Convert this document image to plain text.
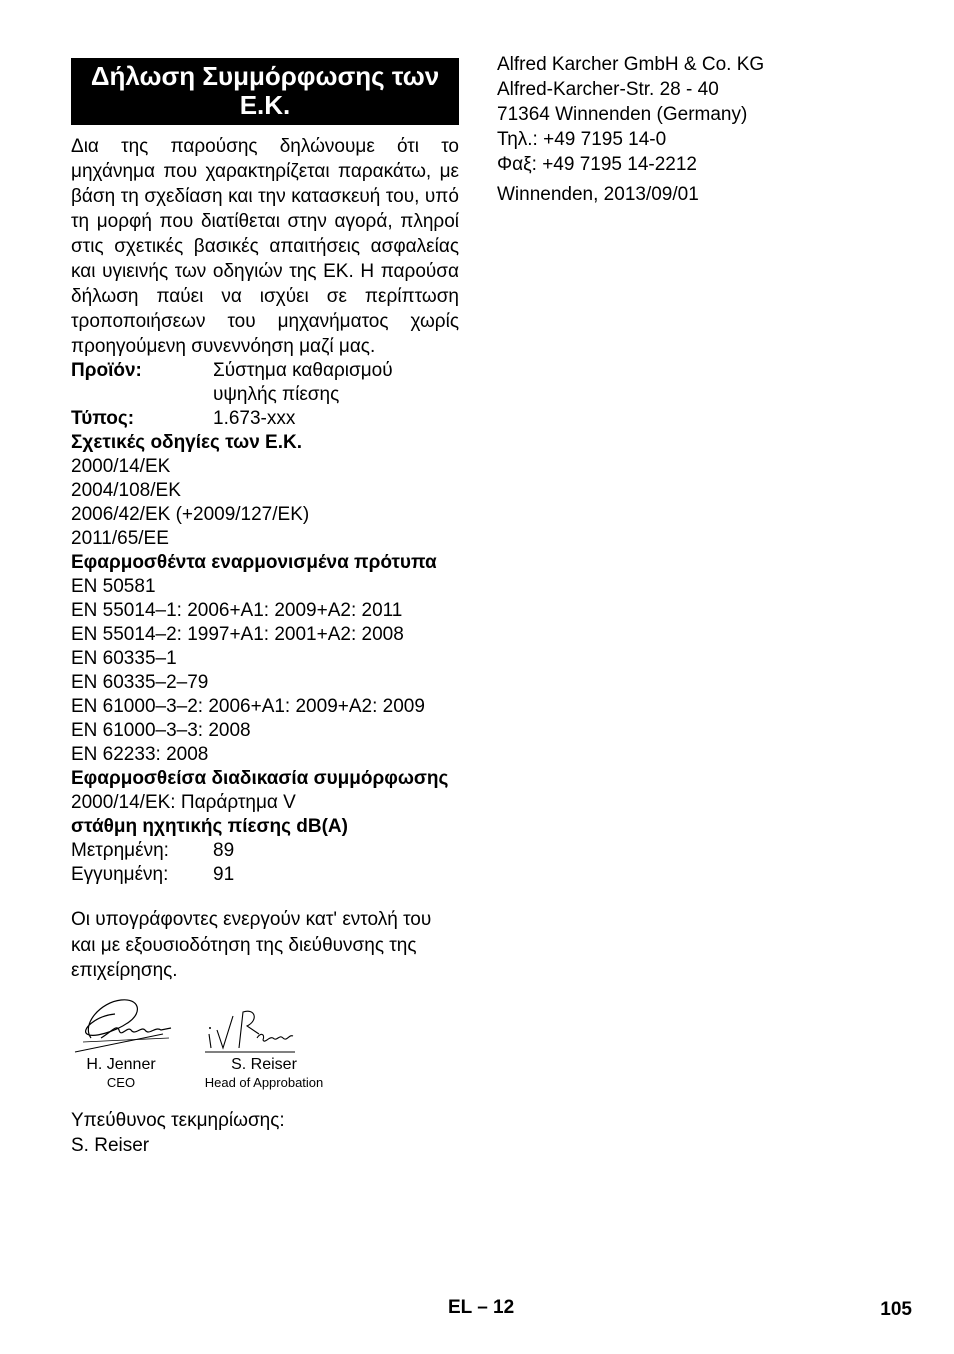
Δήλωση Συμμόρφωσης των Ε.Κ.
Δια της παρούσης δηλώνουμε ότι το μηχάνημα που χαρακτηρίζεται παρακάτω, με βάση τη σχεδίαση και την κατασκευή του, υπό τη μορφή που διατίθεται στην αγορά, πληροί στις σχετικές βασικές απαιτήσεις ασφαλείας και υγιεινής των οδηγιών της ΕΚ. Η παρούσα δήλωση παύει να ισχύει σε περίπτωση τροποποιήσεων του μηχανήματος χωρίς προηγούμενη συνεννόηση μαζί μας.
Προϊόν:	Σύστημα καθαρισμού υψηλής πίεσης
Τύπος:	1.673-xxx
Σχετικές οδηγίες των Ε.Κ.
2000/14/EK
2004/108/EK
2006/42/EK (+2009/127/EK)
2011/65/EE
Εφαρμοσθέντα εναρμονισμένα πρότυπα
EN 50581
EN 55014–1: 2006+A1: 2009+A2: 2011
EN 55014–2: 1997+A1: 2001+A2: 2008
EN 60335–1
EN 60335–2–79
EN 61000–3–2: 2006+A1: 2009+A2: 2009
EN 61000–3–3: 2008
EN 62233: 2008
Εφαρμοσθείσα διαδικασία συμμόρφωσης
2000/14/EK: Παράρτημα V
στάθμη ηχητικής πίεσης dB(A)
Μετρημένη:	89
Εγγυημένη:	91
Οι υπογράφοντες ενεργούν κατ' εντολή του και με εξουσιοδότηση της διεύθυνσης της επιχείρησης.
H. Jenner
CEO
S. Reiser
Head of Approbation
Υπεύθυνος τεκμηρίωσης:
S. Reiser
Alfred Karcher GmbH & Co. KG
Alfred-Karcher-Str. 28 - 40
71364 Winnenden (Germany)
Τηλ.: +49 7195 14-0
Φαξ: +49 7195 14-2212
Winnenden, 2013/09/01
EL – 12	105
